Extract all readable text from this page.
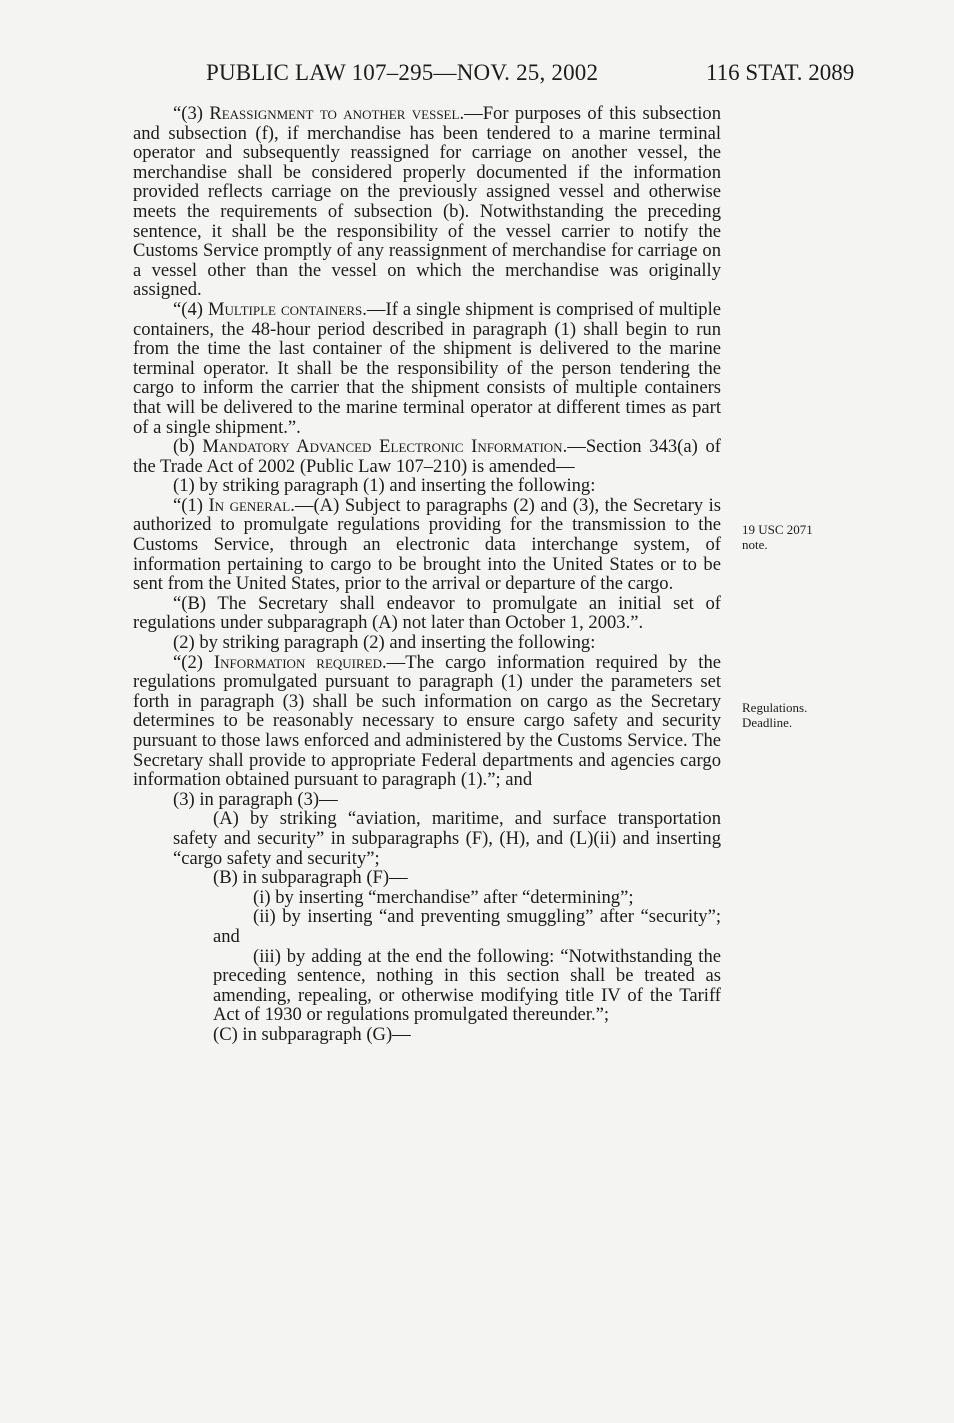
PUBLIC LAW 107–295—NOV. 25, 2002	116 STAT. 2089

“(3) Reassignment to another vessel.—For purposes of this subsection and subsection (f), if merchandise has been tendered to a marine terminal operator and subsequently reassigned for carriage on another vessel, the merchandise shall be considered properly documented if the information provided reflects carriage on the previously assigned vessel and otherwise meets the requirements of subsection (b). Notwithstanding the preceding sentence, it shall be the responsibility of the vessel carrier to notify the Customs Service promptly of any reassignment of merchandise for carriage on a vessel other than the vessel on which the merchandise was originally assigned.

“(4) Multiple containers.—If a single shipment is comprised of multiple containers, the 48-hour period described in paragraph (1) shall begin to run from the time the last container of the shipment is delivered to the marine terminal operator. It shall be the responsibility of the person tendering the cargo to inform the carrier that the shipment consists of multiple containers that will be delivered to the marine terminal operator at different times as part of a single shipment.”.

(b) Mandatory Advanced Electronic Information.—Section 343(a) of the Trade Act of 2002 (Public Law 107–210) is amended—

(1) by striking paragraph (1) and inserting the following:

“(1) In general.—(A) Subject to paragraphs (2) and (3), the Secretary is authorized to promulgate regulations providing for the transmission to the Customs Service, through an electronic data interchange system, of information pertaining to cargo to be brought into the United States or to be sent from the United States, prior to the arrival or departure of the cargo.

“(B) The Secretary shall endeavor to promulgate an initial set of regulations under subparagraph (A) not later than October 1, 2003.”.

(2) by striking paragraph (2) and inserting the following:

“(2) Information required.—The cargo information required by the regulations promulgated pursuant to paragraph (1) under the parameters set forth in paragraph (3) shall be such information on cargo as the Secretary determines to be reasonably necessary to ensure cargo safety and security pursuant to those laws enforced and administered by the Customs Service. The Secretary shall provide to appropriate Federal departments and agencies cargo information obtained pursuant to paragraph (1).”; and

(3) in paragraph (3)—

(A) by striking “aviation, maritime, and surface transportation safety and security” in subparagraphs (F), (H), and (L)(ii) and inserting “cargo safety and security”;

(B) in subparagraph (F)—

(i) by inserting “merchandise” after “determining”;

(ii) by inserting “and preventing smuggling” after “security”; and

(iii) by adding at the end the following: “Notwithstanding the preceding sentence, nothing in this section shall be treated as amending, repealing, or otherwise modifying title IV of the Tariff Act of 1930 or regulations promulgated thereunder.”;

(C) in subparagraph (G)—

19 USC 2071
note.
Regulations.
Deadline.
